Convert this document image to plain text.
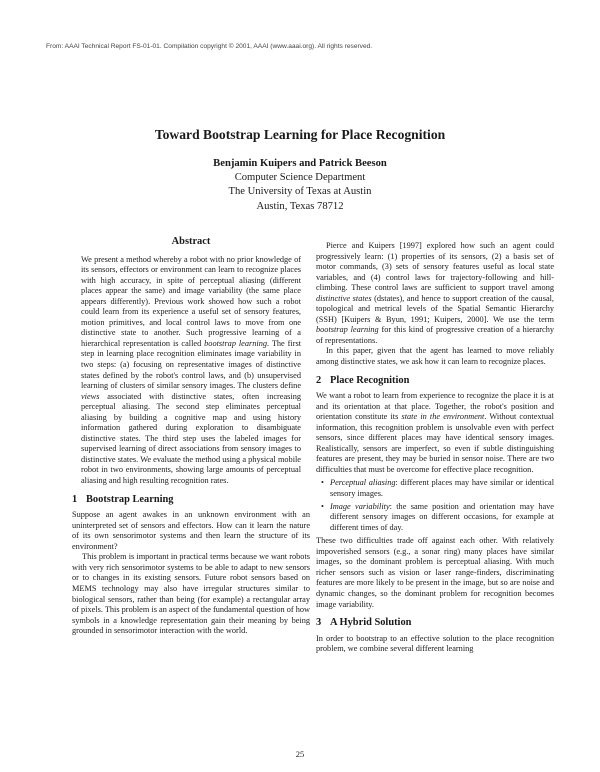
From: AAAI Technical Report FS-01-01. Compilation copyright © 2001, AAAI (www.aaai.org). All rights reserved.
Toward Bootstrap Learning for Place Recognition
Benjamin Kuipers and Patrick Beeson
Computer Science Department
The University of Texas at Austin
Austin, Texas 78712
Abstract
We present a method whereby a robot with no prior knowledge of its sensors, effectors or environment can learn to recognize places with high accuracy, in spite of perceptual aliasing (different places appear the same) and image variability (the same place appears differently). Previous work showed how such a robot could learn from its experience a useful set of sensory features, motion primitives, and local control laws to move from one distinctive state to another. Such progressive learning of a hierarchical representation is called bootstrap learning. The first step in learning place recognition eliminates image variability in two steps: (a) focusing on representative images of distinctive states defined by the robot's control laws, and (b) unsupervised learning of clusters of similar sensory images. The clusters define views associated with distinctive states, often increasing perceptual aliasing. The second step eliminates perceptual aliasing by building a cognitive map and using history information gathered during exploration to disambiguate distinctive states. The third step uses the labeled images for supervised learning of direct associations from sensory images to distinctive states. We evaluate the method using a physical mobile robot in two environments, showing large amounts of perceptual aliasing and high resulting recognition rates.
1 Bootstrap Learning

Suppose an agent awakes in an unknown environment with an uninterpreted set of sensors and effectors. How can it learn the nature of its own sensorimotor systems and then learn the structure of its environment?

This problem is important in practical terms because we want robots with very rich sensorimotor systems to be able to adapt to new sensors or to changes in its existing sensors. Future robot sensors based on MEMS technology may also have irregular structures similar to biological sensors, rather than being (for example) a rectangular array of pixels. This problem is an aspect of the fundamental question of how symbols in a knowledge representation gain their meaning by being grounded in sensorimotor interaction with the world.

Pierce and Kuipers [1997] explored how such an agent could progressively learn: (1) properties of its sensors, (2) a basis set of motor commands, (3) sets of sensory features useful as local state variables, and (4) control laws for trajectory-following and hill-climbing. These control laws are sufficient to support travel among distinctive states (dstates), and hence to support creation of the causal, topological and metrical levels of the Spatial Semantic Hierarchy (SSH) [Kuipers & Byun, 1991; Kuipers, 2000]. We use the term bootstrap learning for this kind of progressive creation of a hierarchy of representations.

In this paper, given that the agent has learned to move reliably among distinctive states, we ask how it can learn to recognize places.

2 Place Recognition

We want a robot to learn from experience to recognize the place it is at and its orientation at that place. Together, the robot's position and orientation constitute its state in the environment. Without contextual information, this recognition problem is unsolvable even with perfect sensors, since different places may have identical sensory images. Realistically, sensors are imperfect, so even if subtle distinguishing features are present, they may be buried in sensor noise. There are two difficulties that must be overcome for effective place recognition.

• Perceptual aliasing: different places may have similar or identical sensory images.
• Image variability: the same position and orientation may have different sensory images on different occasions, for example at different times of day.

These two difficulties trade off against each other. With relatively impoverished sensors (e.g., a sonar ring) many places have similar images, so the dominant problem is perceptual aliasing. With much richer sensors such as vision or laser range-finders, discriminating features are more likely to be present in the image, but so are noise and dynamic changes, so the dominant problem for recognition becomes image variability.

3 A Hybrid Solution

In order to bootstrap to an effective solution to the place recognition problem, we combine several different learning

25
